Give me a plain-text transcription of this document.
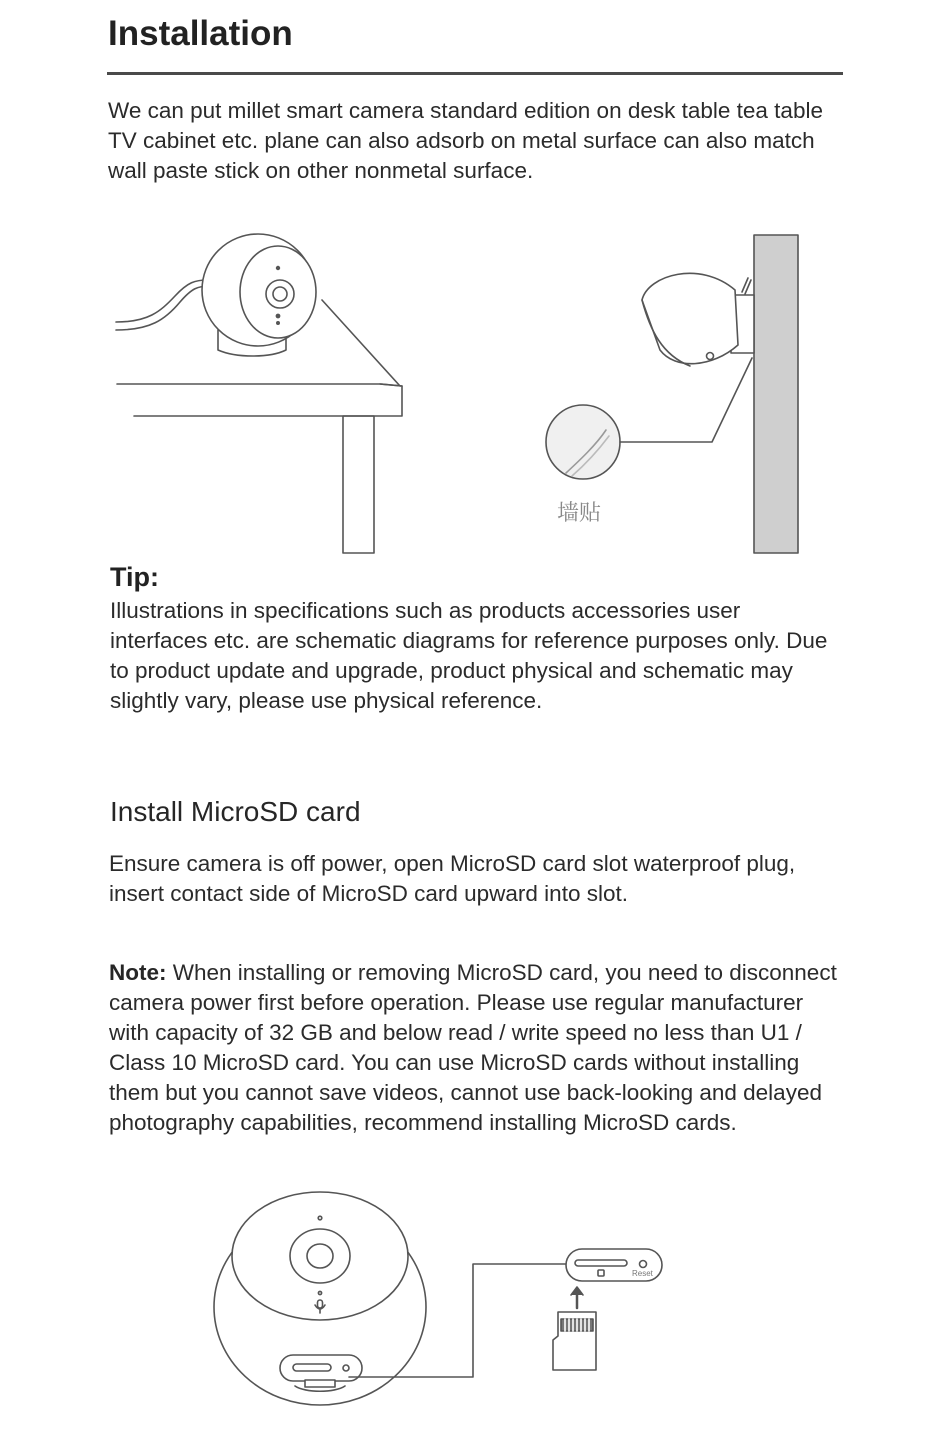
Installation

We can put millet smart camera standard edition on desk table tea table TV cabinet etc. plane can also adsorb on metal surface can also match wall paste stick on other nonmetal surface.

墙贴

Tip:

Illustrations in specifications such as products accessories user interfaces etc. are schematic diagrams for reference purposes only. Due to product update and upgrade, product physical and schematic may slightly vary, please use physical reference.

Install MicroSD card

Ensure camera is off power, open MicroSD card slot waterproof plug, insert contact side of MicroSD card upward into slot.

Note: When installing or removing MicroSD card, you need to disconnect camera power first before operation. Please use regular manufacturer with capacity of 32 GB and below read / write speed no less than U1 / Class 10 MicroSD card. You can use MicroSD cards without installing them but you cannot save videos, cannot use back-looking and delayed photography capabilities, recommend installing MicroSD cards.

Reset
